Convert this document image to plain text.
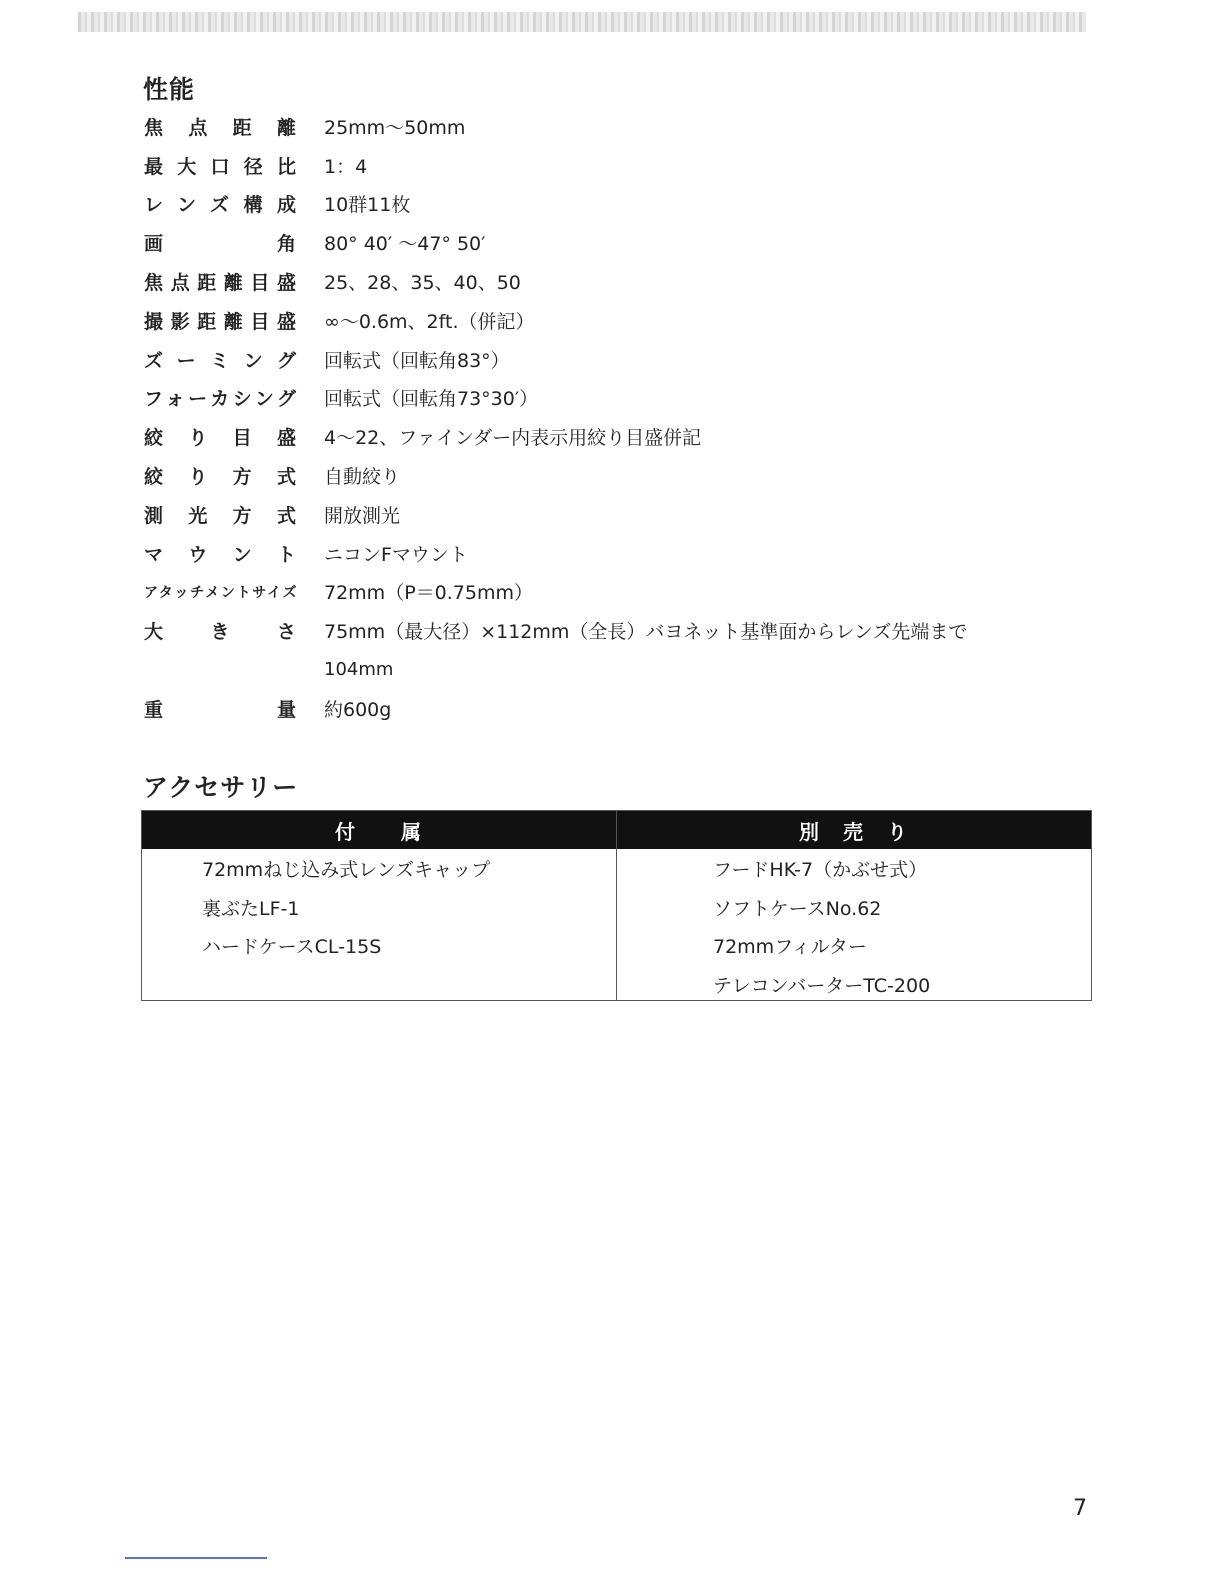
性能
焦点距離 25mm〜50mm
最大口径比 1：4
レンズ構成 10群11枚
画角 80° 40′ 〜47° 50′
焦点距離目盛 25、28、35、40、50
撮影距離目盛 ∞〜0.6m、2ft.（併記）
ズーミング 回転式（回転角83°）
フォーカシング 回転式（回転角73°30′）
絞り目盛 4〜22、ファインダー内表示用絞り目盛併記
絞り方式 自動絞り
測光方式 開放測光
マウント ニコンFマウント
アタッチメントサイズ 72mm（P＝0.75mm）
大きさ 75mm（最大径）×112mm（全長）バヨネット基準面からレンズ先端まで
104mm
重量 約600g
アクセサリー
付　　属
72mmねじ込み式レンズキャップ
裏ぶたLF-1
ハードケースCL-15S
別　売　り
フードHK-7（かぶせ式）
ソフトケースNo.62
72mmフィルター
テレコンバーターTC-200
7
